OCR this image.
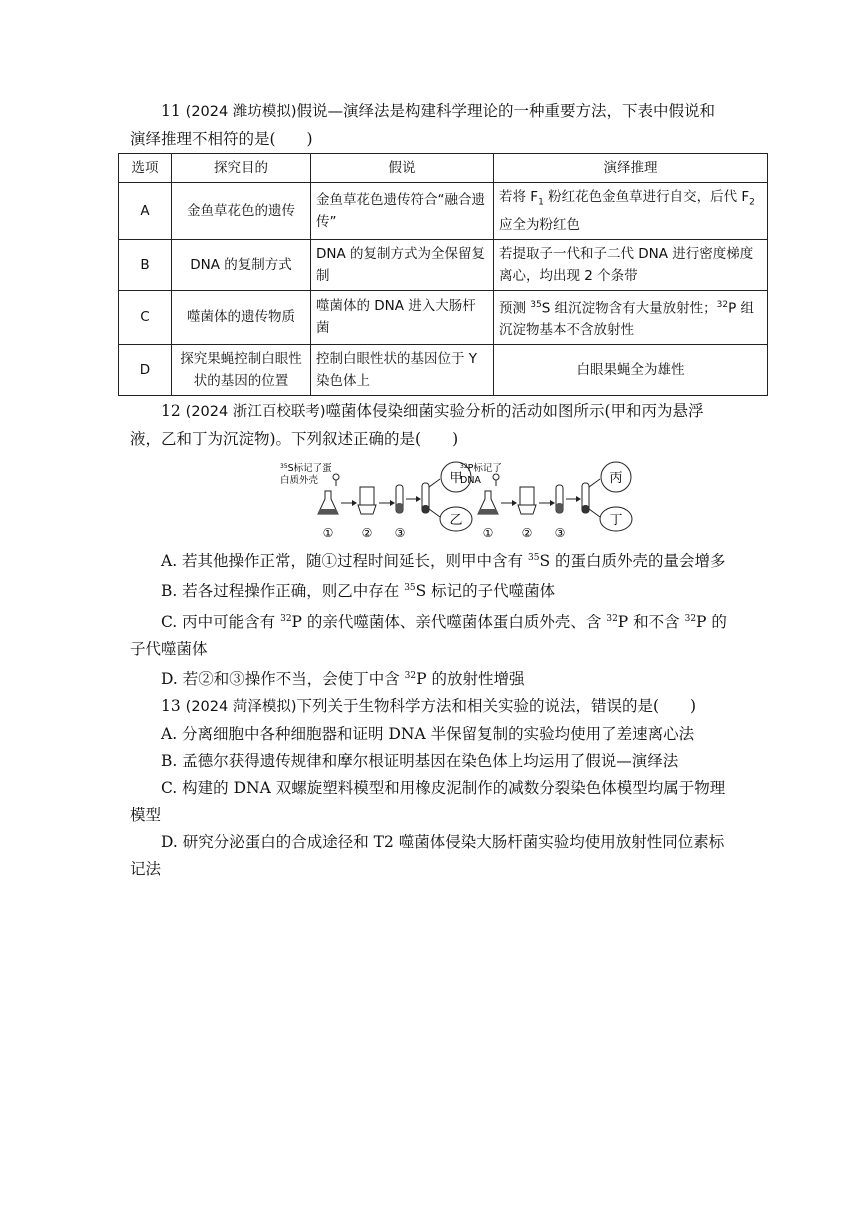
11 (2024 潍坊模拟)假说—演绎法是构建科学理论的一种重要方法，下表中假说和演绎推理不相符的是(　　)

选项	探究目的	假说	演绎推理
A	金鱼草花色的遗传	金鱼草花色遗传符合“融合遗传”	若将 $F_1$ 粉红花色金鱼草进行自交，后代 $F_2$ 应全为粉红色
B	DNA 的复制方式	DNA 的复制方式为全保留复制	若提取子一代和子二代 DNA 进行密度梯度离心，均出现 2 个条带
C	噬菌体的遗传物质	噬菌体的 DNA 进入大肠杆菌	预测 $^{35}$S 组沉淀物含有大量放射性；$^{32}$P 组沉淀物基本不含放射性
D	探究果蝇控制白眼性状的基因的位置	控制白眼性状的基因位于 Y 染色体上	白眼果蝇全为雄性

12 (2024 浙江百校联考)噬菌体侵染细菌实验分析的活动如图所示(甲和丙为悬浮液，乙和丁为沉淀物)。下列叙述正确的是(　　)

$^{35}$S标记了蛋
白质外壳	甲
乙
① ② ③
$^{32}$P标记了
DNA	丙
丁
① ② ③

A. 若其他操作正常，随①过程时间延长，则甲中含有 $^{35}$S 的蛋白质外壳的量会增多

B. 若各过程操作正确，则乙中存在 $^{35}$S 标记的子代噬菌体

C. 丙中可能含有 $^{32}$P 的亲代噬菌体、亲代噬菌体蛋白质外壳、含 $^{32}$P 和不含 $^{32}$P 的子代噬菌体

D. 若②和③操作不当，会使丁中含 $^{32}$P 的放射性增强

13 (2024 菏泽模拟)下列关于生物科学方法和相关实验的说法，错误的是(　　)

A. 分离细胞中各种细胞器和证明 DNA 半保留复制的实验均使用了差速离心法

B. 孟德尔获得遗传规律和摩尔根证明基因在染色体上均运用了假说—演绎法

C. 构建的 DNA 双螺旋塑料模型和用橡皮泥制作的减数分裂染色体模型均属于物理模型

D. 研究分泌蛋白的合成途径和 T2 噬菌体侵染大肠杆菌实验均使用放射性同位素标记法
